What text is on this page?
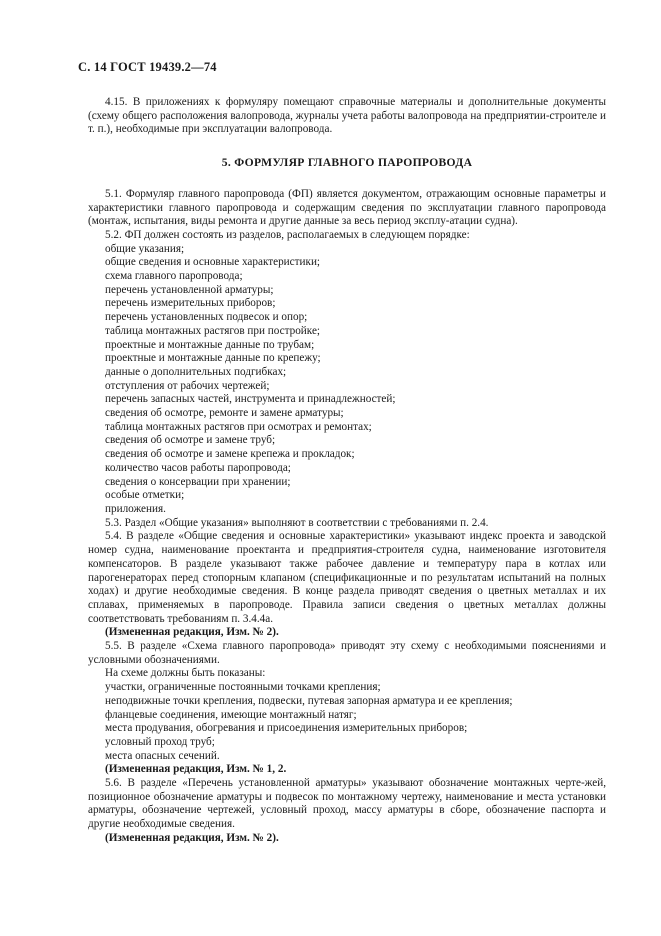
С. 14 ГОСТ 19439.2—74

4.15. В приложениях к формуляру помещают справочные материалы и дополнительные документы (схему общего расположения валопровода, журналы учета работы валопровода на предприятии-строителе и т. п.), необходимые при эксплуатации валопровода.

5. ФОРМУЛЯР ГЛАВНОГО ПАРОПРОВОДА

5.1. Формуляр главного паропровода (ФП) является документом, отражающим основные параметры и характеристики главного паропровода и содержащим сведения по эксплуатации главного паропровода (монтаж, испытания, виды ремонта и другие данные за весь период эксплу-атации судна).

5.2. ФП должен состоять из разделов, располагаемых в следующем порядке:

общие указания;

общие сведения и основные характеристики;

схема главного паропровода;

перечень установленной арматуры;

перечень измерительных приборов;

перечень установленных подвесок и опор;

таблица монтажных растягов при постройке;

проектные и монтажные данные по трубам;

проектные и монтажные данные по крепежу;

данные о дополнительных подгибках;

отступления от рабочих чертежей;

перечень запасных частей, инструмента и принадлежностей;

сведения об осмотре, ремонте и замене арматуры;

таблица монтажных растягов при осмотрах и ремонтах;

сведения об осмотре и замене труб;

сведения об осмотре и замене крепежа и прокладок;

количество часов работы паропровода;

сведения о консервации при хранении;

особые отметки;

приложения.

5.3. Раздел «Общие указания» выполняют в соответствии с требованиями п. 2.4.

5.4. В разделе «Общие сведения и основные характеристики» указывают индекс проекта и заводской номер судна, наименование проектанта и предприятия-строителя судна, наименование изготовителя компенсаторов. В разделе указывают также рабочее давление и температуру пара в котлах или парогенераторах перед стопорным клапаном (спецификационные и по результатам испытаний на полных ходах) и другие необходимые сведения. В конце раздела приводят сведения о цветных металлах и их сплавах, применяемых в паропроводе. Правила записи сведения о цветных металлах должны соответствовать требованиям п. 3.4.4а.

(Измененная редакция, Изм. № 2).

5.5. В разделе «Схема главного паропровода» приводят эту схему с необходимыми пояснениями и условными обозначениями.

На схеме должны быть показаны:

участки, ограниченные постоянными точками крепления;

неподвижные точки крепления, подвески, путевая запорная арматура и ее крепления;

фланцевые соединения, имеющие монтажный натяг;

места продувания, обогревания и присоединения измерительных приборов;

условный проход труб;

места опасных сечений.

(Измененная редакция, Изм. № 1, 2.

5.6. В разделе «Перечень установленной арматуры» указывают обозначение монтажных черте-жей, позиционное обозначение арматуры и подвесок по монтажному чертежу, наименование и места установки арматуры, обозначение чертежей, условный проход, массу арматуры в сборе, обозначение паспорта и другие необходимые сведения.

(Измененная редакция, Изм. № 2).
